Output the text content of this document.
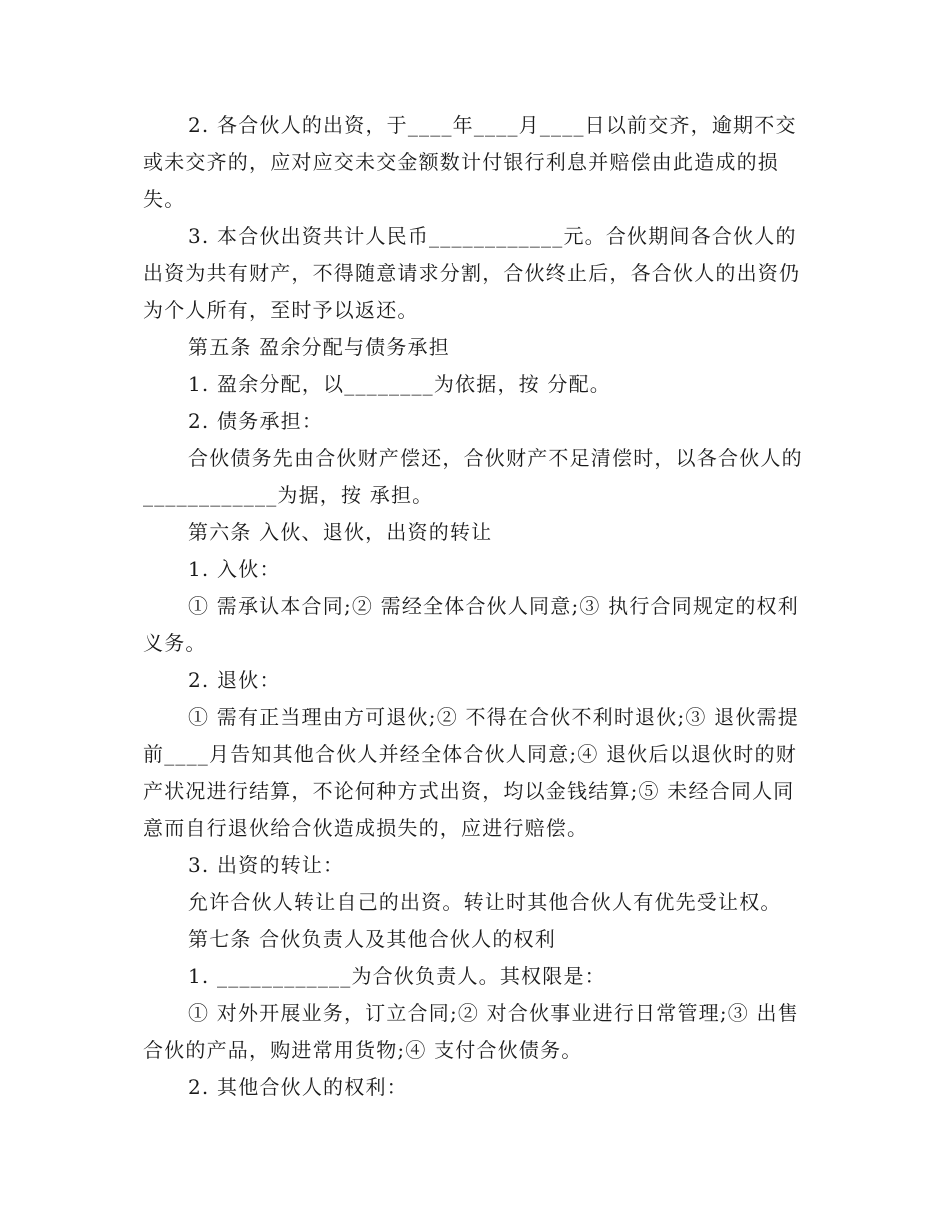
2. 各合伙人的出资，于____年____月____日以前交齐，逾期不交或未交齐的，应对应交未交金额数计付银行利息并赔偿由此造成的损失。

3. 本合伙出资共计人民币____________元。合伙期间各合伙人的出资为共有财产，不得随意请求分割，合伙终止后，各合伙人的出资仍为个人所有，至时予以返还。

第五条 盈余分配与债务承担

1. 盈余分配，以________为依据，按 分配。

2. 债务承担：

合伙债务先由合伙财产偿还，合伙财产不足清偿时，以各合伙人的____________为据，按 承担。

第六条 入伙、退伙，出资的转让

1. 入伙：

① 需承认本合同;② 需经全体合伙人同意;③ 执行合同规定的权利义务。

2. 退伙：

① 需有正当理由方可退伙;② 不得在合伙不利时退伙;③ 退伙需提前____月告知其他合伙人并经全体合伙人同意;④ 退伙后以退伙时的财产状况进行结算，不论何种方式出资，均以金钱结算;⑤ 未经合同人同意而自行退伙给合伙造成损失的，应进行赔偿。

3. 出资的转让：

允许合伙人转让自己的出资。转让时其他合伙人有优先受让权。

第七条 合伙负责人及其他合伙人的权利

1. ____________为合伙负责人。其权限是：

① 对外开展业务，订立合同;② 对合伙事业进行日常管理;③ 出售合伙的产品，购进常用货物;④ 支付合伙债务。

2. 其他合伙人的权利：
